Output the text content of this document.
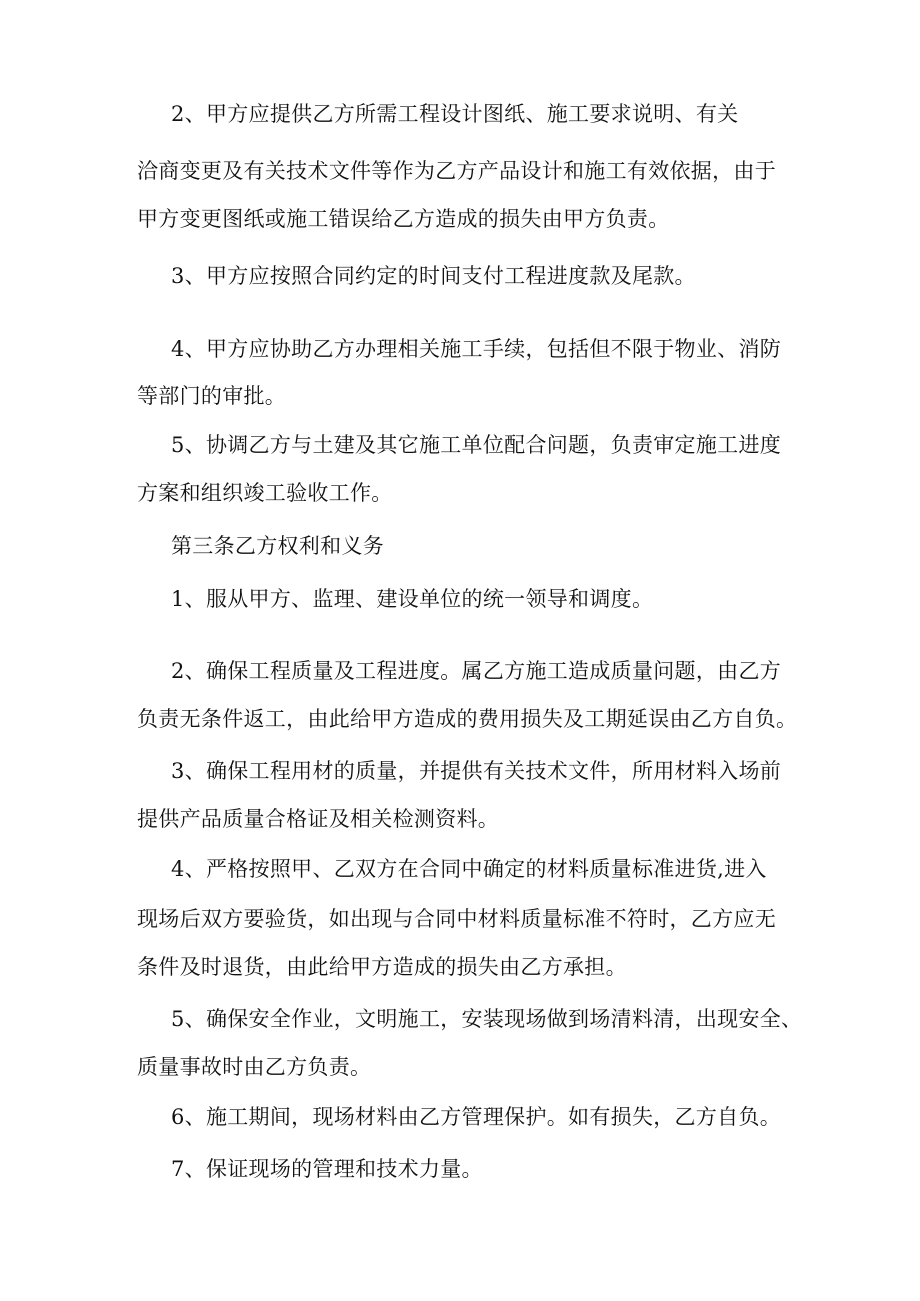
2、甲方应提供乙方所需工程设计图纸、施工要求说明、有关
洽商变更及有关技术文件等作为乙方产品设计和施工有效依据，由于
甲方变更图纸或施工错误给乙方造成的损失由甲方负责。
3、甲方应按照合同约定的时间支付工程进度款及尾款。
4、甲方应协助乙方办理相关施工手续，包括但不限于物业、消防
等部门的审批。
5、协调乙方与土建及其它施工单位配合问题，负责审定施工进度
方案和组织竣工验收工作。
第三条乙方权利和义务
1、服从甲方、监理、建设单位的统一领导和调度。
2、确保工程质量及工程进度。属乙方施工造成质量问题，由乙方
负责无条件返工，由此给甲方造成的费用损失及工期延误由乙方自负。
3、确保工程用材的质量，并提供有关技术文件，所用材料入场前
提供产品质量合格证及相关检测资料。
4、严格按照甲、乙双方在合同中确定的材料质量标准进货,进入
现场后双方要验货，如出现与合同中材料质量标准不符时，乙方应无
条件及时退货，由此给甲方造成的损失由乙方承担。
5、确保安全作业，文明施工，安装现场做到场清料清，出现安全、
质量事故时由乙方负责。
6、施工期间，现场材料由乙方管理保护。如有损失，乙方自负。
7、保证现场的管理和技术力量。
